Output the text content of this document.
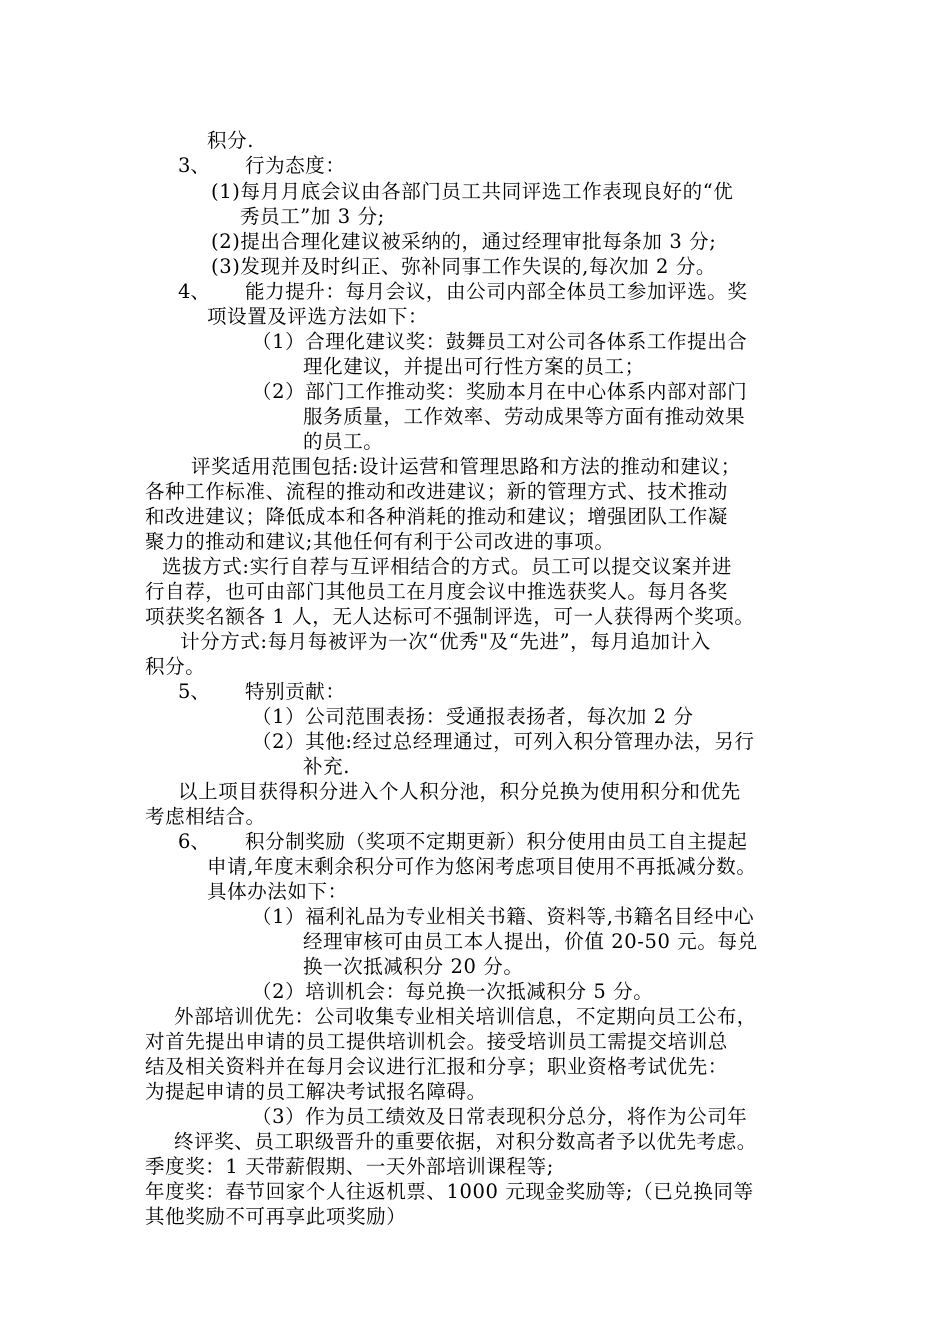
积分.
3、 行为态度：
(1)每月月底会议由各部门员工共同评选工作表现良好的“优
秀员工”加 3 分;
(2)提出合理化建议被采纳的，通过经理审批每条加 3 分;
(3)发现并及时纠正、弥补同事工作失误的,每次加 2 分。
4、 能力提升：每月会议，由公司内部全体员工参加评选。奖
项设置及评选方法如下：
（1）合理化建议奖：鼓舞员工对公司各体系工作提出合
理化建议，并提出可行性方案的员工；
（2）部门工作推动奖：奖励本月在中心体系内部对部门
服务质量，工作效率、劳动成果等方面有推动效果
的员工。
评奖适用范围包括:设计运营和管理思路和方法的推动和建议；
各种工作标准、流程的推动和改进建议；新的管理方式、技术推动
和改进建议；降低成本和各种消耗的推动和建议；增强团队工作凝
聚力的推动和建议;其他任何有利于公司改进的事项。
选拔方式:实行自荐与互评相结合的方式。员工可以提交议案并进
行自荐，也可由部门其他员工在月度会议中推选获奖人。每月各奖
项获奖名额各 1 人，无人达标可不强制评选，可一人获得两个奖项。
计分方式:每月每被评为一次“优秀"及“先进”，每月追加计入
积分。
5、 特别贡献：
（1）公司范围表扬：受通报表扬者，每次加 2 分
（2）其他:经过总经理通过，可列入积分管理办法，另行
补充.
以上项目获得积分进入个人积分池，积分兑换为使用积分和优先
考虑相结合。
6、 积分制奖励（奖项不定期更新）积分使用由员工自主提起
申请,年度末剩余积分可作为悠闲考虑项目使用不再抵减分数。
具体办法如下：
（1）福利礼品为专业相关书籍、资料等,书籍名目经中心
经理审核可由员工本人提出，价值 20-50 元。每兑
换一次抵减积分 20 分。
（2）培训机会：每兑换一次抵减积分 5 分。
外部培训优先：公司收集专业相关培训信息，不定期向员工公布，
对首先提出申请的员工提供培训机会。接受培训员工需提交培训总
结及相关资料并在每月会议进行汇报和分享；职业资格考试优先：
为提起申请的员工解决考试报名障碍。
（3）作为员工绩效及日常表现积分总分，将作为公司年
终评奖、员工职级晋升的重要依据，对积分数高者予以优先考虑。
季度奖：1 天带薪假期、一天外部培训课程等;
年度奖：春节回家个人往返机票、1000 元现金奖励等;（已兑换同等
其他奖励不可再享此项奖励）
